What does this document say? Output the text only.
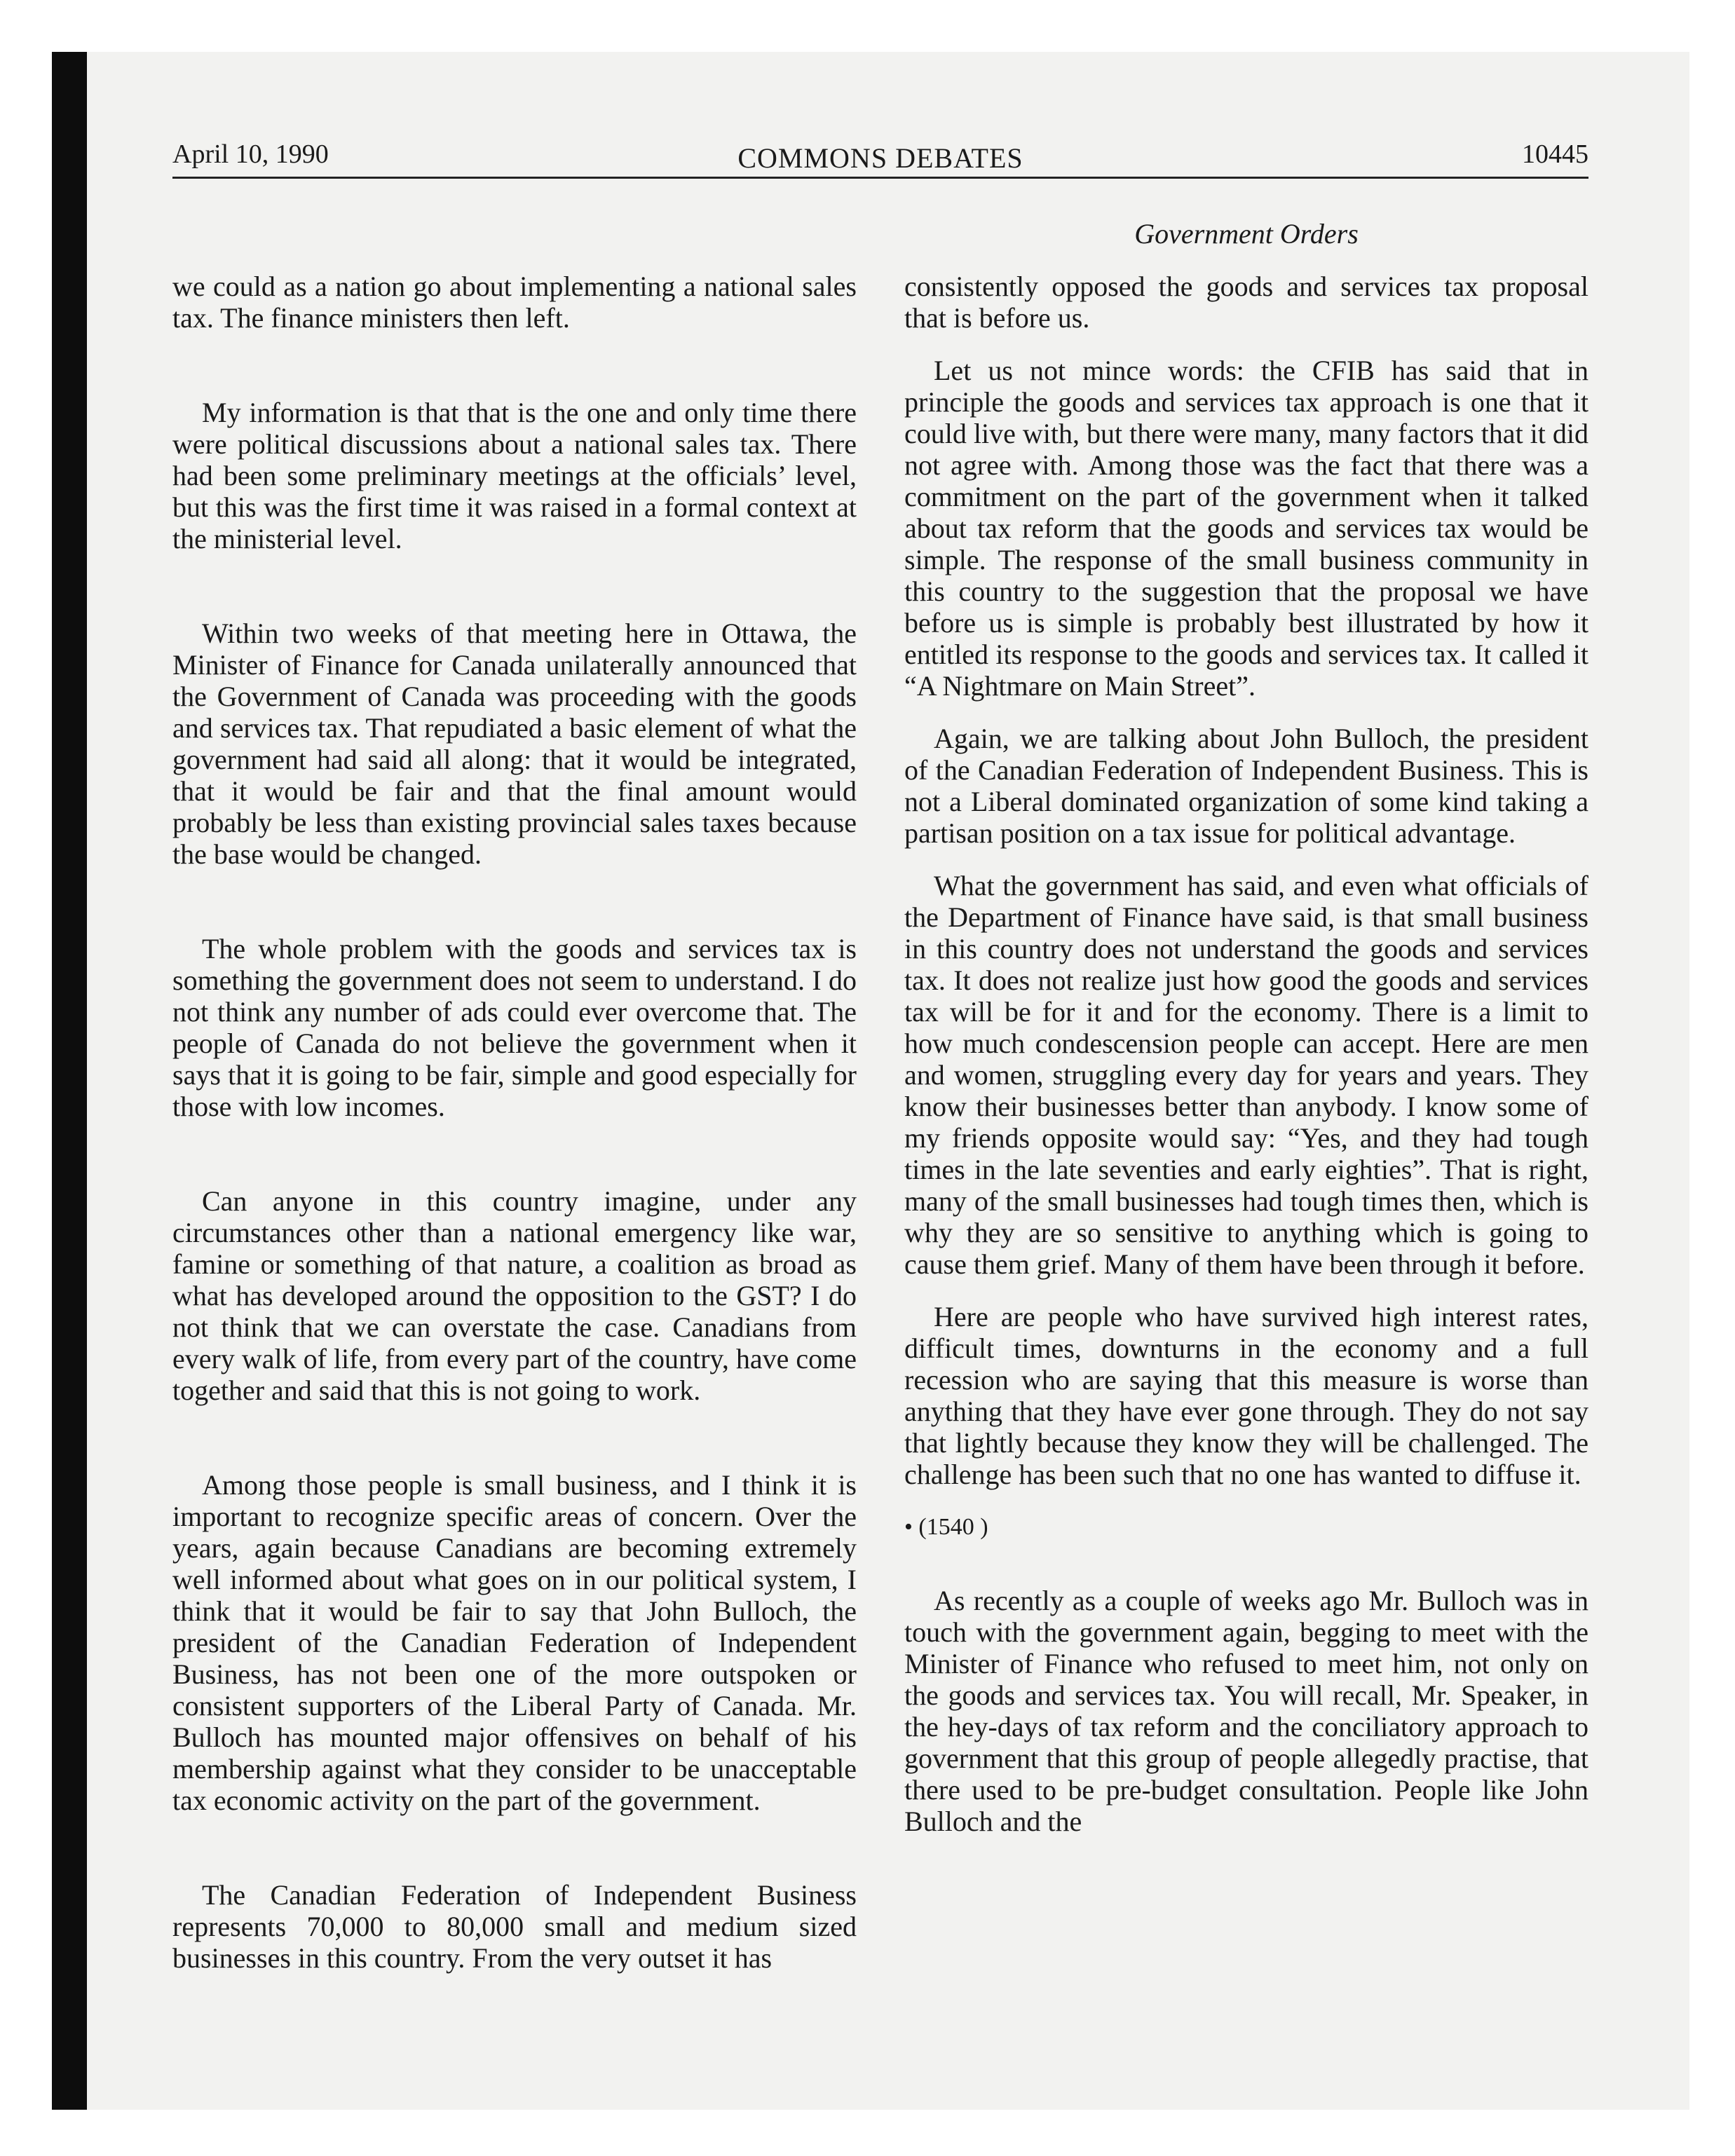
April 10, 1990	COMMONS DEBATES	10445
Government Orders

we could as a nation go about implementing a national sales tax. The finance ministers then left.

My information is that that is the one and only time there were political discussions about a national sales tax. There had been some preliminary meetings at the officials’ level, but this was the first time it was raised in a formal context at the ministerial level.

Within two weeks of that meeting here in Ottawa, the Minister of Finance for Canada unilaterally announced that the Government of Canada was proceeding with the goods and services tax. That repudiated a basic element of what the government had said all along: that it would be integrated, that it would be fair and that the final amount would probably be less than existing provincial sales taxes because the base would be changed.

The whole problem with the goods and services tax is something the government does not seem to understand. I do not think any number of ads could ever overcome that. The people of Canada do not believe the government when it says that it is going to be fair, simple and good especially for those with low incomes.

Can anyone in this country imagine, under any circumstances other than a national emergency like war, famine or something of that nature, a coalition as broad as what has developed around the opposition to the GST? I do not think that we can overstate the case. Canadians from every walk of life, from every part of the country, have come together and said that this is not going to work.

Among those people is small business, and I think it is important to recognize specific areas of concern. Over the years, again because Canadians are becoming extremely well informed about what goes on in our political system, I think that it would be fair to say that John Bulloch, the president of the Canadian Federation of Independent Business, has not been one of the more outspoken or consistent supporters of the Liberal Party of Canada. Mr. Bulloch has mounted major offensives on behalf of his membership against what they consider to be unacceptable tax economic activity on the part of the government.

The Canadian Federation of Independent Business represents 70,000 to 80,000 small and medium sized businesses in this country. From the very outset it has

consistently opposed the goods and services tax proposal that is before us.

Let us not mince words: the CFIB has said that in principle the goods and services tax approach is one that it could live with, but there were many, many factors that it did not agree with. Among those was the fact that there was a commitment on the part of the government when it talked about tax reform that the goods and services tax would be simple. The response of the small business community in this country to the suggestion that the proposal we have before us is simple is probably best illustrated by how it entitled its response to the goods and services tax. It called it “A Nightmare on Main Street”.

Again, we are talking about John Bulloch, the president of the Canadian Federation of Independent Business. This is not a Liberal dominated organization of some kind taking a partisan position on a tax issue for political advantage.

What the government has said, and even what officials of the Department of Finance have said, is that small business in this country does not understand the goods and services tax. It does not realize just how good the goods and services tax will be for it and for the economy. There is a limit to how much condescension people can accept. Here are men and women, struggling every day for years and years. They know their businesses better than anybody. I know some of my friends opposite would say: “Yes, and they had tough times in the late seventies and early eighties”. That is right, many of the small businesses had tough times then, which is why they are so sensitive to anything which is going to cause them grief. Many of them have been through it before.

Here are people who have survived high interest rates, difficult times, downturns in the economy and a full recession who are saying that this measure is worse than anything that they have ever gone through. They do not say that lightly because they know they will be challenged. The challenge has been such that no one has wanted to diffuse it.

• (1540 )

As recently as a couple of weeks ago Mr. Bulloch was in touch with the government again, begging to meet with the Minister of Finance who refused to meet him, not only on the goods and services tax. You will recall, Mr. Speaker, in the hey-days of tax reform and the conciliatory approach to government that this group of people allegedly practise, that there used to be pre-budget consultation. People like John Bulloch and the
